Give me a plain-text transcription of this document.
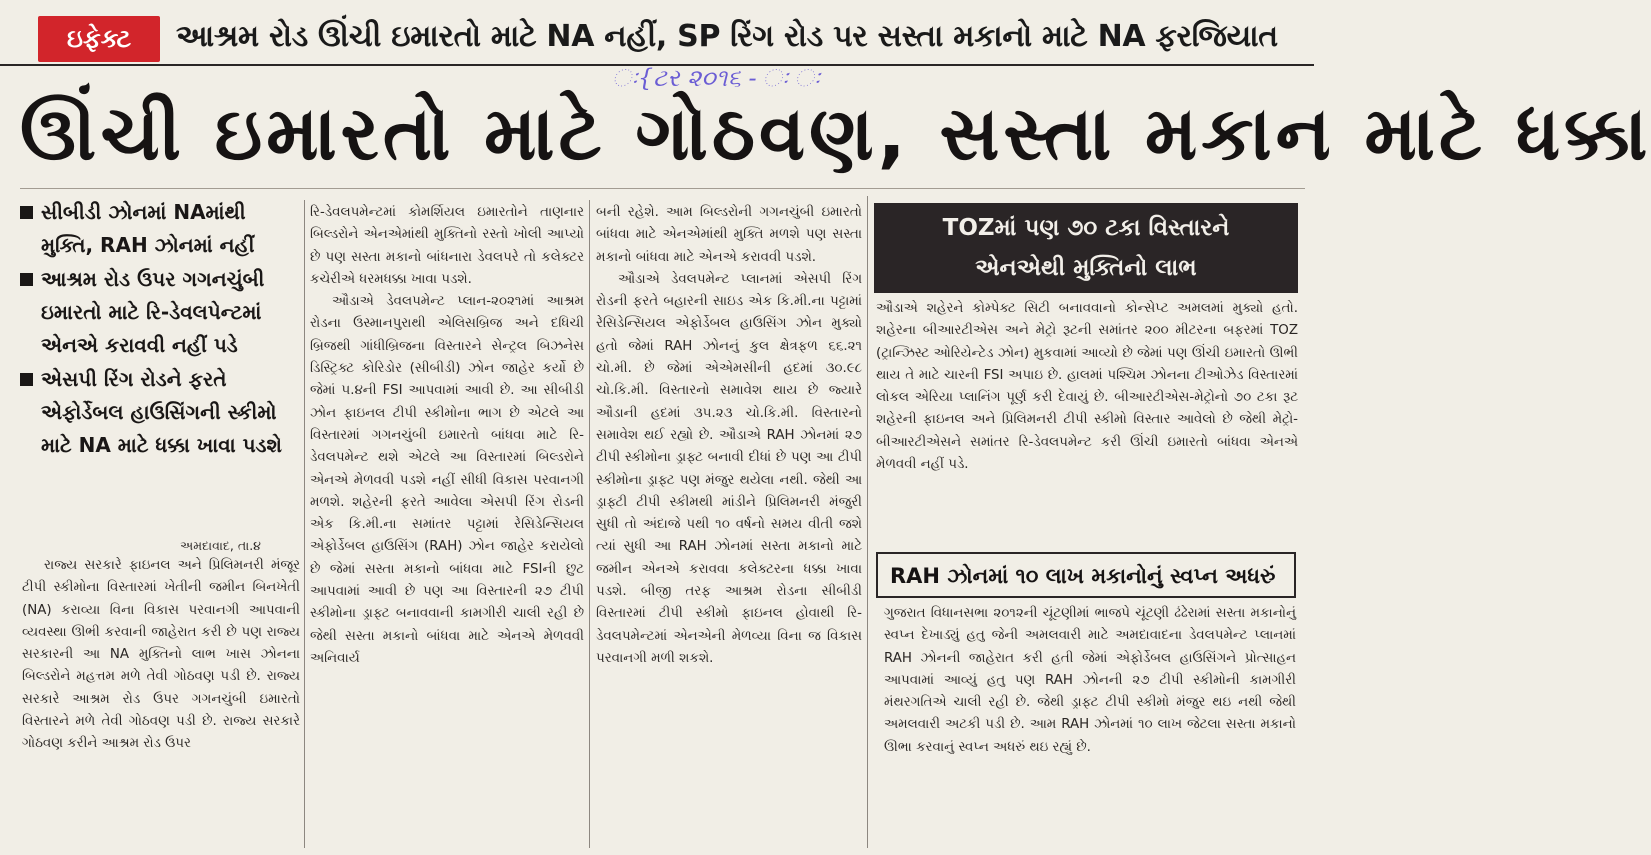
ઇફેક્ટ	આશ્રમ રોડ ઊંચી ઇમારતો માટે NA નહીં, SP રિંગ રોડ પર સસ્તા મકાનો માટે NA ફરજિયાત
ઃ{ટર ૨૦૧૬ - ઃ ઃ
ઊંચી ઇમારતો માટે ગોઠવણ, સસ્તા મકાન માટે ધક્કા
સીબીડી ઝોનમાં NAમાંથી મુક્તિ, RAH ઝોનમાં નહીં
આશ્રમ રોડ ઉપર ગગનચુંબી ઇમારતો માટે રિ-ડેવલપેન્ટમાં એનએ કરાવવી નહીં પડે
એસપી રિંગ રોડને ફરતે એફોર્ડેબલ હાઉસિંગની સ્કીમો માટે NA માટે ધક્કા ખાવા પડશે
અમદાવાદ, તા.૪

રાજ્ય સરકારે ફાઇનલ અને પ્રિલિમનરી મંજૂર ટીપી સ્કીમોના વિસ્તારમાં ખેતીની જમીન બિનખેતી (NA) કરાવ્યા વિના વિકાસ પરવાનગી આપવાની વ્યવસ્થા ઊભી કરવાની જાહેરાત કરી છે પણ રાજ્ય સરકારની આ NA મુક્તિનો લાભ ખાસ ઝોનના બિલ્ડરોને મહત્તમ મળે તેવી ગોઠવણ પડી છે. રાજ્ય સરકારે આશ્રમ રોડ ઉપર ગગનચુંબી ઇમારતો વિસ્તારને મળે તેવી ગોઠવણ પડી છે. રાજ્ય સરકારે ગોઠવણ કરીને આશ્રમ રોડ ઉપર

રિ-ડેવલપમેન્ટમાં કોમર્શિયલ ઇમારતોને તાણનાર બિલ્ડરોને એનએમાંથી મુક્તિનો રસ્તો ખોલી આપ્યો છે પણ સસ્તા મકાનો બાંધનારા ડેવલપરે તો કલેક્ટર કચેરીએ ધરમધક્કા ખાવા પડશે.

ઔડાએ ડેવલપમેન્ટ પ્લાન-૨૦૨૧માં આશ્રમ રોડના ઉસ્માનપુરાથી એલિસબ્રિજ અને દધિચી બ્રિજથી ગાંધીબ્રિજના વિસ્તારને સેન્ટ્રલ બિઝનેસ ડિસ્ટ્રિક્ટ કોરિડોર (સીબીડી) ઝોન જાહેર કર્યો છે જેમાં ૫.૪ની FSI આપવામાં આવી છે. આ સીબીડી ઝોન ફાઇનલ ટીપી સ્કીમોના ભાગ છે એટલે આ વિસ્તારમાં ગગનચુંબી ઇમારતો બાંધવા માટે રિ-ડેવલપમેન્ટ થશે એટલે આ વિસ્તારમાં બિલ્ડરોને એનએ મેળવવી પડશે નહીં સીધી વિકાસ પરવાનગી મળશે. શહેરની ફરતે આવેલા એસપી રિંગ રોડની એક કિ.મી.ના સમાંતર પટ્ટામાં રેસિડેન્સિયલ એફોર્ડેબલ હાઉસિંગ (RAH) ઝોન જાહેર કરાયેલો છે જેમાં સસ્તા મકાનો બાંધવા માટે FSIની છુટ આપવામાં આવી છે પણ આ વિસ્તારની ૨૭ ટીપી સ્કીમોના ડ્રાફ્ટ બનાવવાની કામગીરી ચાલી રહી છે જેથી સસ્તા મકાનો બાંધવા માટે એનએ મેળવવી અનિવાર્ય

બની રહેશે. આમ બિલ્ડરોની ગગનચુંબી ઇમારતો બાંધવા માટે એનએમાંથી મુક્તિ મળશે પણ સસ્તા મકાનો બાંધવા માટે એનએ કરાવવી પડશે.

ઔડાએ ડેવલપમેન્ટ પ્લાનમાં એસપી રિંગ રોડની ફરતે બહારની સાઇડ એક કિ.મી.ના પટ્ટામાં રેસિડેન્સિયલ એફોર્ડેબલ હાઉસિંગ ઝોન મુક્યો હતો જેમાં RAH ઝોનનું કુલ ક્ષેત્રફળ ૬૬.૨૧ ચો.મી. છે જેમાં એએમસીની હદમાં ૩૦.૯૮ ચો.કિ.મી. વિસ્તારનો સમાવેશ થાય છે જ્યારે ઔડાની હદમાં ૩૫.૨૩ ચો.કિ.મી. વિસ્તારનો સમાવેશ થઈ રહ્યો છે. ઔડાએ RAH ઝોનમાં ૨૭ ટીપી સ્કીમોના ડ્રાફ્ટ બનાવી દીધાં છે પણ આ ટીપી સ્કીમોના ડ્રાફ્ટ પણ મંજુર થયેલા નથી. જેથી આ ડ્રાફ્ટી ટીપી સ્કીમથી માંડીને પ્રિલિમનરી મંજુરી સુધી તો અંદાજે પથી ૧૦ વર્ષનો સમય વીતી જશે ત્યાં સુધી આ RAH ઝોનમાં સસ્તા મકાનો માટે જમીન એનએ કરાવવા કલેક્ટરના ધક્કા ખાવા પડશે. બીજી તરફ આશ્રમ રોડના સીબીડી વિસ્તારમાં ટીપી સ્કીમો ફાઇનલ હોવાથી રિ-ડેવલપમેન્ટમાં એનએની મેળવ્યા વિના જ વિકાસ પરવાનગી મળી શકશે.

TOZમાં પણ ૭૦ ટકા વિસ્તારને
એનએથી મુક્તિનો લાભ

ઔડાએ શહેરને કોમ્પેક્ટ સિટી બનાવવાનો કોન્સેપ્ટ અમલમાં મુક્યો હતો. શહેરના બીઆરટીએસ અને મેટ્રો રૂટની સમાંતર ૨૦૦ મીટરના બફરમાં TOZ (ટ્રાન્ઝિસ્ટ ઓરિયેન્ટેડ ઝોન) મુકવામાં આવ્યો છે જેમાં પણ ઊંચી ઇમારતો ઊભી થાય તે માટે ચારની FSI અપાઇ છે. હાલમાં પશ્ચિમ ઝોનના ટીઓઝેડ વિસ્તારમાં લોકલ એરિયા પ્લાનિંગ પૂર્ણ કરી દેવાયું છે. બીઆરટીએસ-મેટ્રોનો ૭૦ ટકા રૂટ શહેરની ફાઇનલ અને પ્રિલિમનરી ટીપી સ્કીમો વિસ્તાર આવેલો છે જેથી મેટ્રો-બીઆરટીએસને સમાંતર રિ-ડેવલપમેન્ટ કરી ઊંચી ઇમારતો બાંધવા એનએ મેળવવી નહીં પડે.

RAH ઝોનમાં ૧૦ લાખ મકાનોનું સ્વપ્ન અધરું

ગુજરાત વિધાનસભા ૨૦૧૨ની ચૂંટણીમાં ભાજપે ચૂંટણી ઢંઢેરામાં સસ્તા મકાનોનું સ્વપ્ન દેખાડ્યું હતુ જેની અમલવારી માટે અમદાવાદના ડેવલપમેન્ટ પ્લાનમાં RAH ઝોનની જાહેરાત કરી હતી જેમાં એફોર્ડેબલ હાઉસિંગને પ્રોત્સાહન આપવામાં આવ્યું હતુ પણ RAH ઝોનની ૨૭ ટીપી સ્કીમોની કામગીરી મંથરગતિએ ચાલી રહી છે. જેથી ડ્રાફ્ટ ટીપી સ્કીમો મંજુર થઇ નથી જેથી અમલવારી અટકી પડી છે. આમ RAH ઝોનમાં ૧૦ લાખ જેટલા સસ્તા મકાનો ઊભા કરવાનું સ્વપ્ન અધરું થઇ રહ્યું છે.
